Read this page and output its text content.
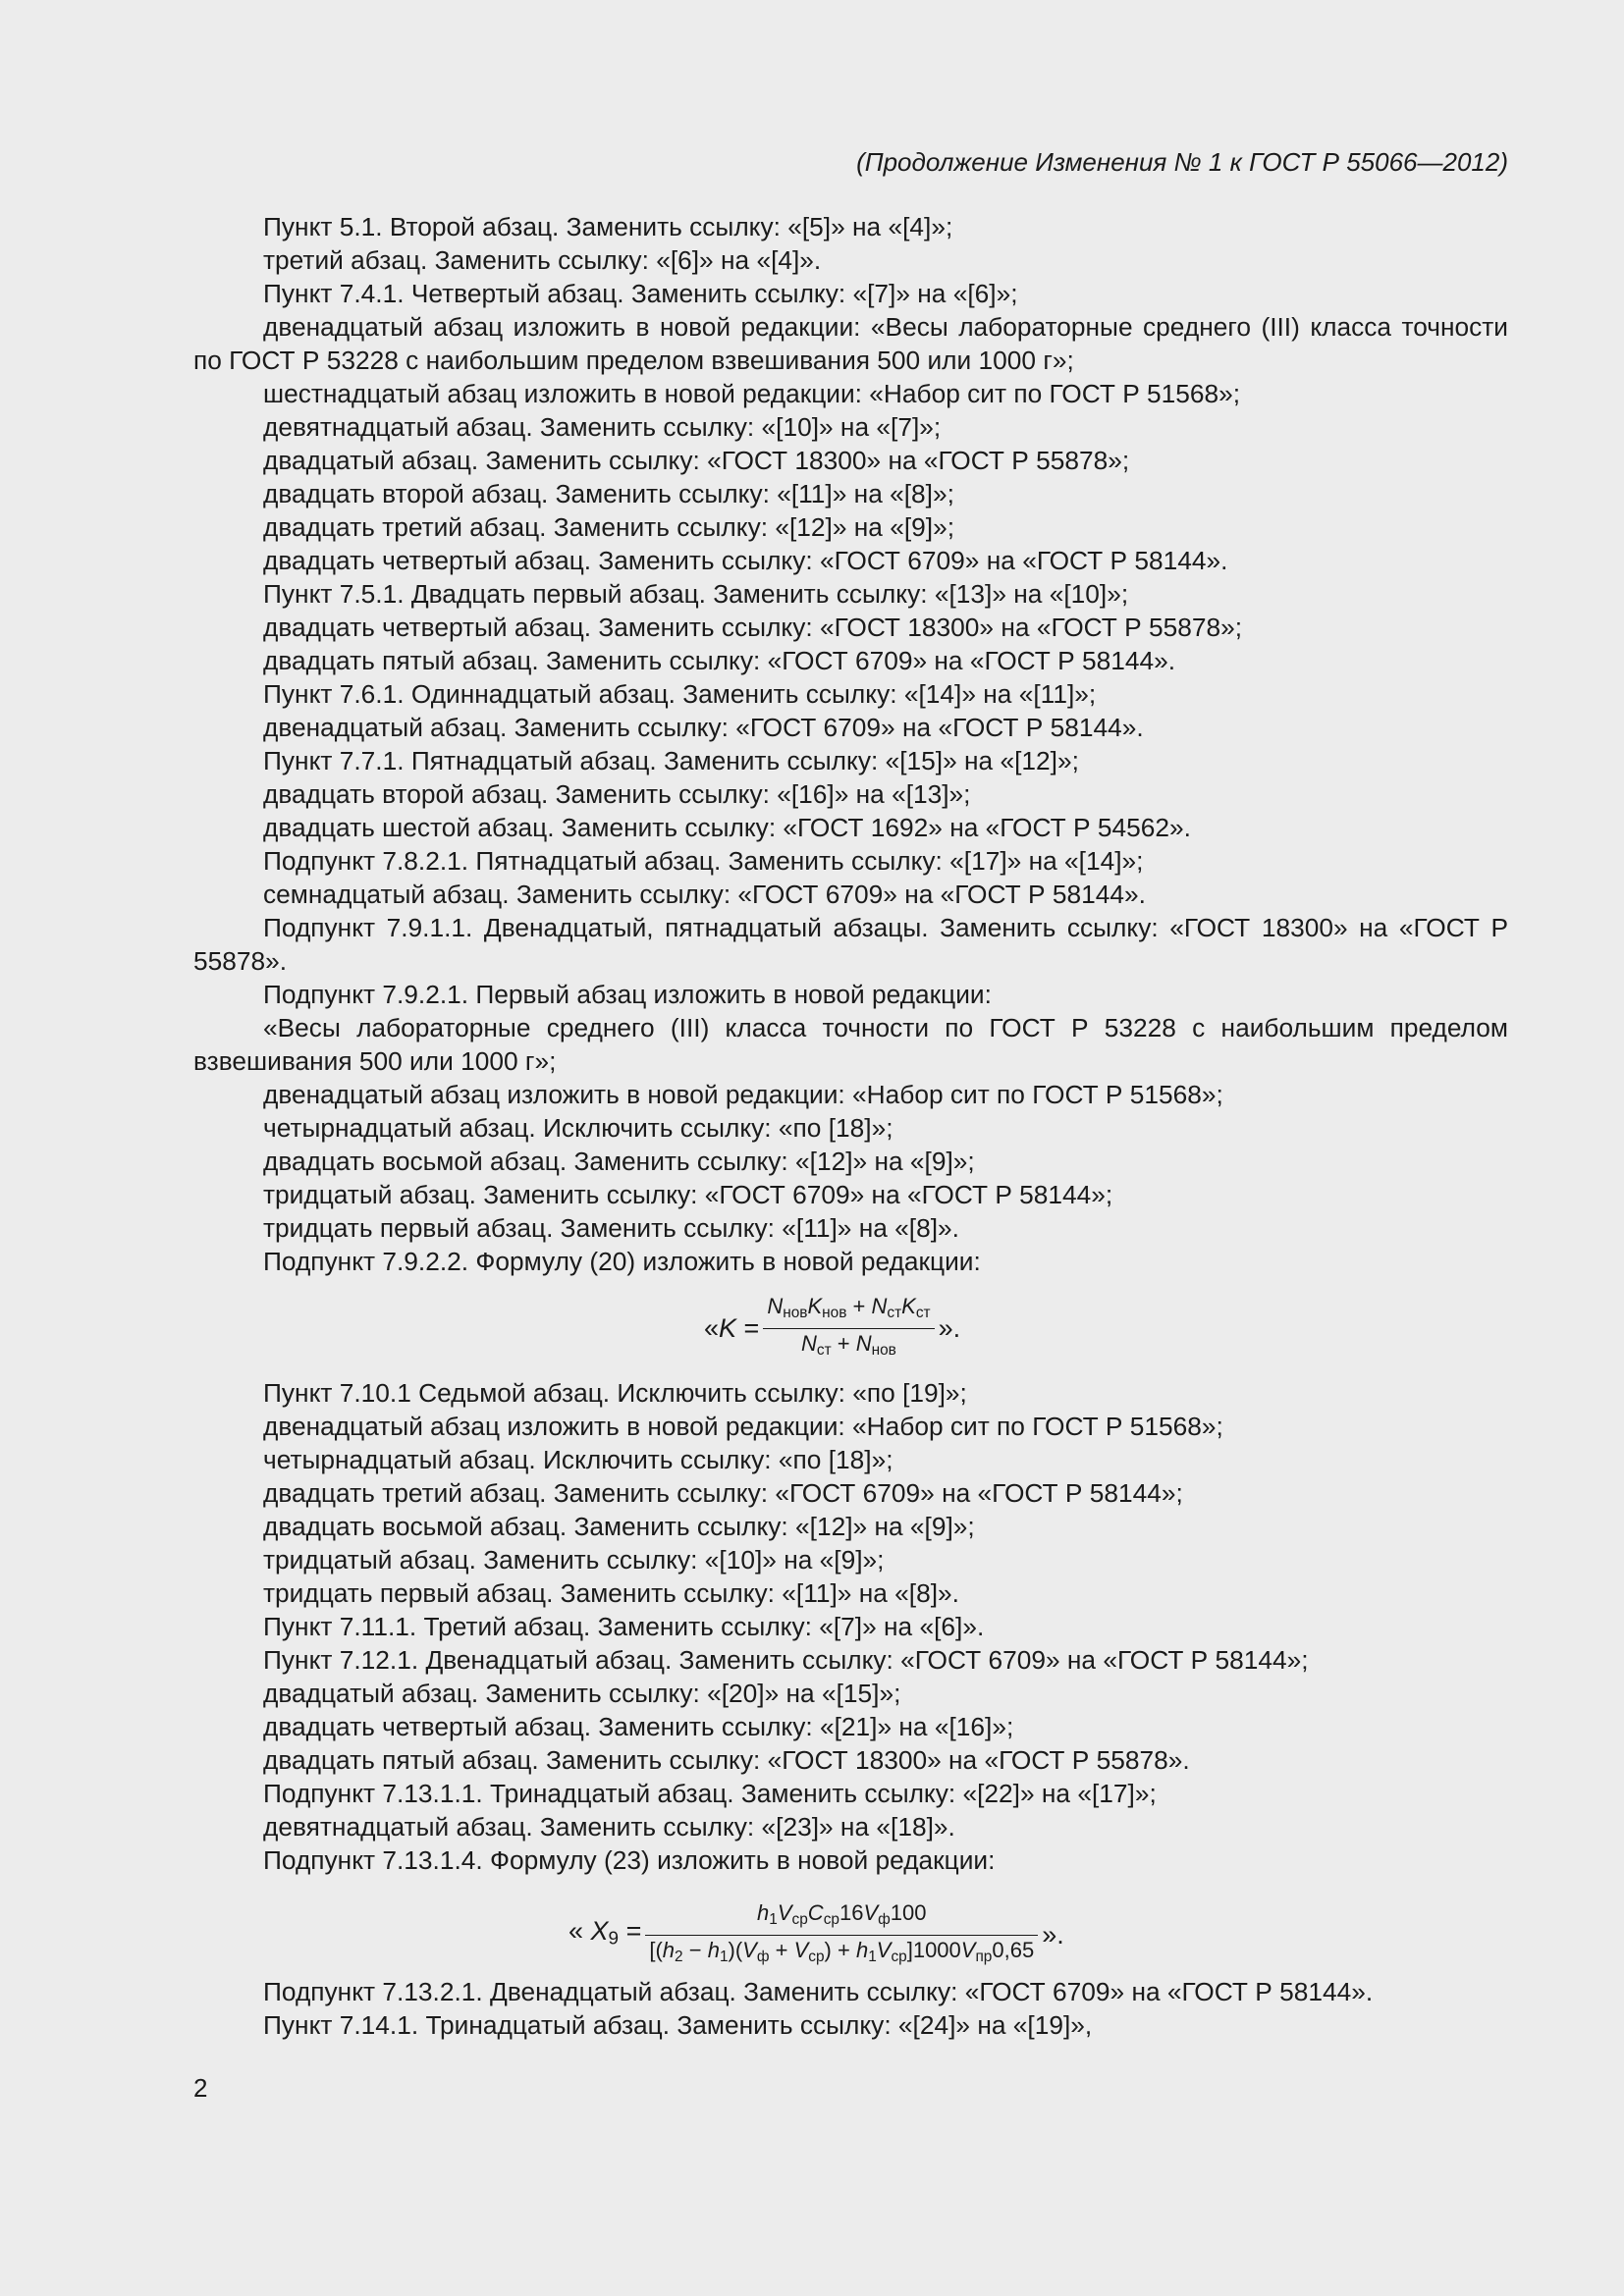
(Продолжение Изменения № 1 к ГОСТ Р 55066—2012)

Пункт 5.1. Второй абзац. Заменить ссылку: «[5]» на «[4]»;

третий абзац. Заменить ссылку: «[6]» на «[4]».

Пункт 7.4.1. Четвертый абзац. Заменить ссылку: «[7]» на «[6]»;

двенадцатый абзац изложить в новой редакции: «Весы лабораторные среднего (III) класса точности по ГОСТ Р 53228 с наибольшим пределом взвешивания 500 или 1000 г»;

шестнадцатый абзац изложить в новой редакции: «Набор сит по ГОСТ Р 51568»;

девятнадцатый абзац. Заменить ссылку: «[10]» на «[7]»;

двадцатый абзац. Заменить ссылку: «ГОСТ 18300» на «ГОСТ Р 55878»;

двадцать второй абзац. Заменить ссылку: «[11]» на «[8]»;

двадцать третий абзац. Заменить ссылку: «[12]» на «[9]»;

двадцать четвертый абзац. Заменить ссылку: «ГОСТ 6709» на «ГОСТ Р 58144».

Пункт 7.5.1. Двадцать первый абзац. Заменить ссылку: «[13]» на «[10]»;

двадцать четвертый абзац. Заменить ссылку: «ГОСТ 18300» на «ГОСТ Р 55878»;

двадцать пятый абзац. Заменить ссылку: «ГОСТ 6709» на «ГОСТ Р 58144».

Пункт 7.6.1. Одиннадцатый абзац. Заменить ссылку: «[14]» на «[11]»;

двенадцатый абзац. Заменить ссылку: «ГОСТ 6709» на «ГОСТ Р 58144».

Пункт 7.7.1. Пятнадцатый абзац. Заменить ссылку: «[15]» на «[12]»;

двадцать второй абзац. Заменить ссылку: «[16]» на «[13]»;

двадцать шестой абзац. Заменить ссылку: «ГОСТ 1692» на «ГОСТ Р 54562».

Подпункт 7.8.2.1. Пятнадцатый абзац. Заменить ссылку: «[17]» на «[14]»;

семнадцатый абзац. Заменить ссылку: «ГОСТ 6709» на «ГОСТ Р 58144».

Подпункт 7.9.1.1. Двенадцатый, пятнадцатый абзацы. Заменить ссылку: «ГОСТ 18300» на «ГОСТ Р 55878».

Подпункт 7.9.2.1. Первый абзац изложить в новой редакции:

«Весы лабораторные среднего (III) класса точности по ГОСТ Р 53228 с наибольшим пределом взвешивания 500 или 1000 г»;

двенадцатый абзац изложить в новой редакции: «Набор сит по ГОСТ Р 51568»;

четырнадцатый абзац. Исключить ссылку: «по [18]»;

двадцать восьмой абзац. Заменить ссылку: «[12]» на «[9]»;

тридцатый абзац. Заменить ссылку: «ГОСТ 6709» на «ГОСТ Р 58144»;

тридцать первый абзац. Заменить ссылку: «[11]» на «[8]».

Подпункт 7.9.2.2. Формулу (20) изложить в новой редакции:

«$K = \frac{N_{нов}K_{нов} + N_{ст}K_{ст}}{N_{ст} + N_{нов}}$ ».

Пункт 7.10.1 Седьмой абзац. Исключить ссылку: «по [19]»;

двенадцатый абзац изложить в новой редакции: «Набор сит по ГОСТ Р 51568»;

четырнадцатый абзац. Исключить ссылку: «по [18]»;

двадцать третий абзац. Заменить ссылку: «ГОСТ 6709» на «ГОСТ Р 58144»;

двадцать восьмой абзац. Заменить ссылку: «[12]» на «[9]»;

тридцатый абзац. Заменить ссылку: «[10]» на «[9]»;

тридцать первый абзац. Заменить ссылку: «[11]» на «[8]».

Пункт 7.11.1. Третий абзац. Заменить ссылку: «[7]» на «[6]».

Пункт 7.12.1. Двенадцатый абзац. Заменить ссылку: «ГОСТ 6709» на «ГОСТ Р 58144»;

двадцатый абзац. Заменить ссылку: «[20]» на «[15]»;

двадцать четвертый абзац. Заменить ссылку: «[21]» на «[16]»;

двадцать пятый абзац. Заменить ссылку: «ГОСТ 18300» на «ГОСТ Р 55878».

Подпункт 7.13.1.1. Тринадцатый абзац. Заменить ссылку: «[22]» на «[17]»;

девятнадцатый абзац. Заменить ссылку: «[23]» на «[18]».

Подпункт 7.13.1.4. Формулу (23) изложить в новой редакции:

« $X_9 = \frac{h_1V_{ср}C_{ср}16V_ф100}{[(h_2 - h_1)(V_ф + V_{ср}) + h_1V_{ср}]1000V_{пр}0,65}$ ».

Подпункт 7.13.2.1. Двенадцатый абзац. Заменить ссылку: «ГОСТ 6709» на «ГОСТ Р 58144».

Пункт 7.14.1. Тринадцатый абзац. Заменить ссылку: «[24]» на «[19]»,

2
